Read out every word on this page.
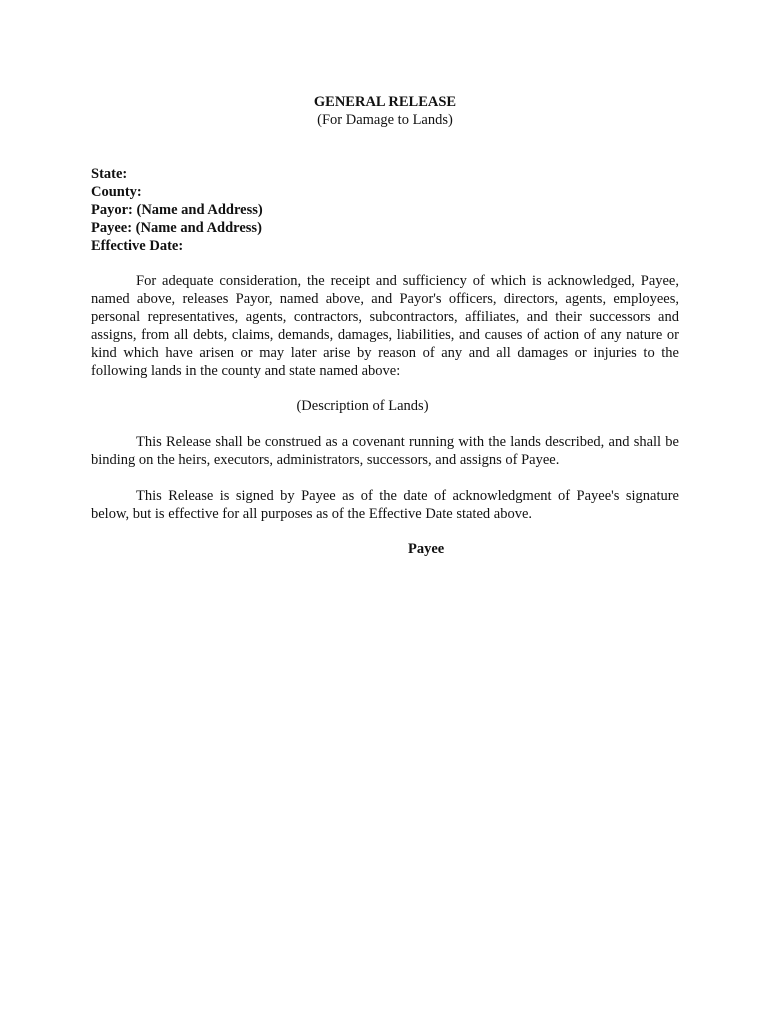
GENERAL RELEASE
(For Damage to Lands)
State:
County:
Payor: (Name and Address)
Payee: (Name and Address)
Effective Date:

For adequate consideration, the receipt and sufficiency of which is acknowledged, Payee, named above, releases Payor, named above, and Payor's officers, directors, agents, employees, personal representatives, agents, contractors, subcontractors, affiliates, and their successors and assigns, from all debts, claims, demands, damages, liabilities, and causes of action of any nature or kind which have arisen or may later arise by reason of any and all damages or injuries to the following lands in the county and state named above:

(Description of Lands)

This Release shall be construed as a covenant running with the lands described, and shall be binding on the heirs, executors, administrators, successors, and assigns of Payee.

This Release is signed by Payee as of the date of acknowledgment of Payee's signature below, but is effective for all purposes as of the Effective Date stated above.

Payee
